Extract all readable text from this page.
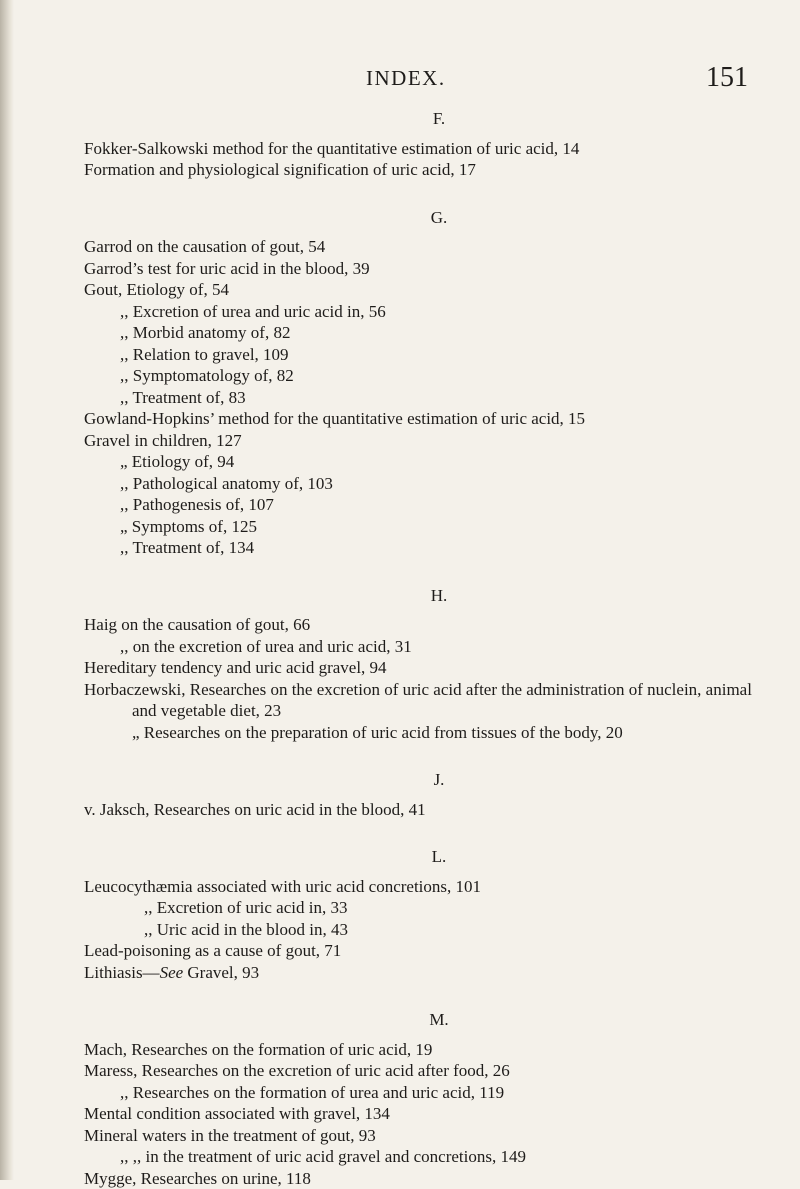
INDEX.	151
F.
Fokker-Salkowski method for the quantitative estimation of uric acid, 14
Formation and physiological signification of uric acid, 17
G.
Garrod on the causation of gout, 54
Garrod’s test for uric acid in the blood, 39
Gout, Etiology of, 54
,, Excretion of urea and uric acid in, 56
,, Morbid anatomy of, 82
,, Relation to gravel, 109
,, Symptomatology of, 82
,, Treatment of, 83
Gowland-Hopkins’ method for the quantitative estimation of uric acid, 15
Gravel in children, 127
„ Etiology of, 94
,, Pathological anatomy of, 103
,, Pathogenesis of, 107
„ Symptoms of, 125
,, Treatment of, 134
H.
Haig on the causation of gout, 66
,, on the excretion of urea and uric acid, 31
Hereditary tendency and uric acid gravel, 94
Horbaczewski, Researches on the excretion of uric acid after the administration of nuclein, animal and vegetable diet, 23
„ Researches on the preparation of uric acid from tissues of the body, 20
J.
v. Jaksch, Researches on uric acid in the blood, 41
L.
Leucocythæmia associated with uric acid concretions, 101
,, Excretion of uric acid in, 33
,, Uric acid in the blood in, 43
Lead-poisoning as a cause of gout, 71
Lithiasis—See Gravel, 93
M.
Mach, Researches on the formation of uric acid, 19
Maress, Researches on the excretion of uric acid after food, 26
,, Researches on the formation of urea and uric acid, 119
Mental condition associated with gravel, 134
Mineral waters in the treatment of gout, 93
,, ,, in the treatment of uric acid gravel and concretions, 149
Mygge, Researches on urine, 118
